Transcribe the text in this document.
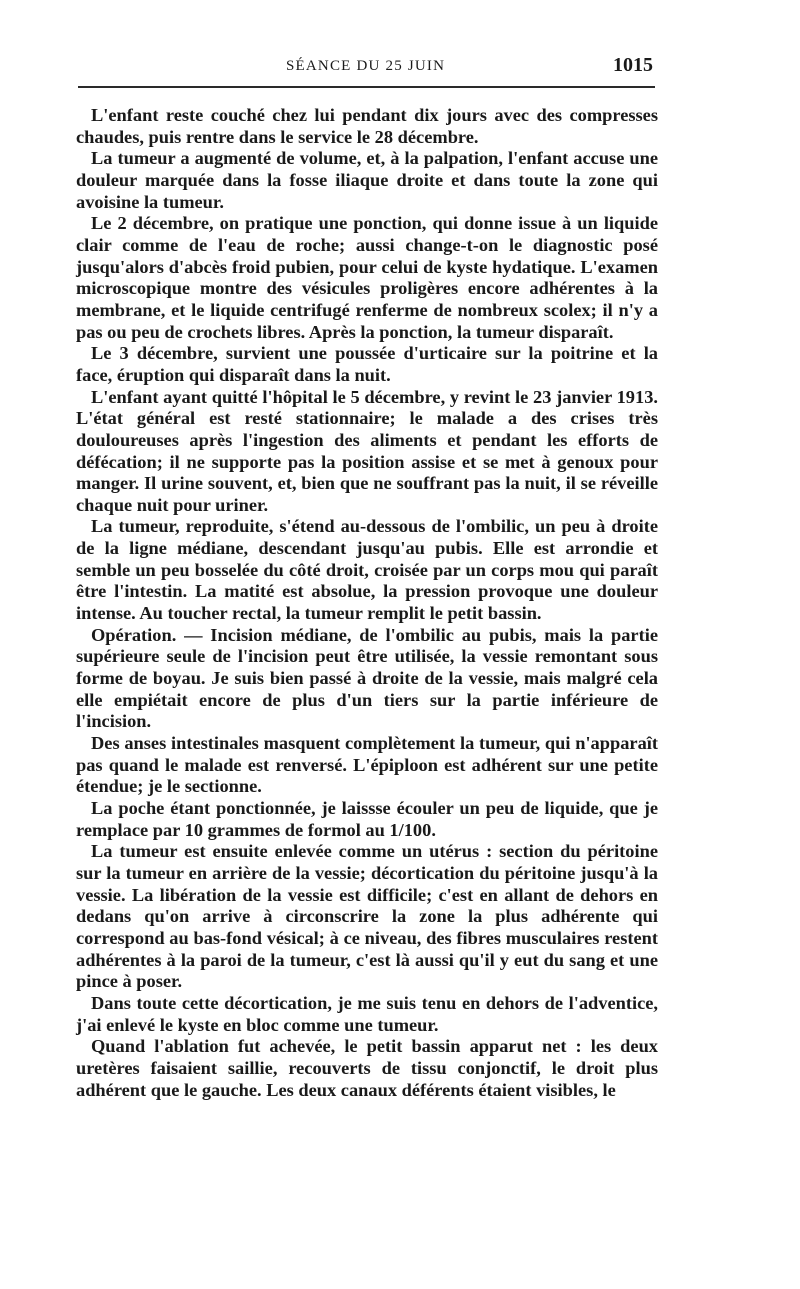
SÉANCE DU 25 JUIN	1015

L'enfant reste couché chez lui pendant dix jours avec des compresses chaudes, puis rentre dans le service le 28 décembre.

La tumeur a augmenté de volume, et, à la palpation, l'enfant accuse une douleur marquée dans la fosse iliaque droite et dans toute la zone qui avoisine la tumeur.

Le 2 décembre, on pratique une ponction, qui donne issue à un liquide clair comme de l'eau de roche; aussi change-t-on le diagnostic posé jusqu'alors d'abcès froid pubien, pour celui de kyste hydatique. L'examen microscopique montre des vésicules proligères encore adhérentes à la membrane, et le liquide centrifugé renferme de nombreux scolex; il n'y a pas ou peu de crochets libres. Après la ponction, la tumeur disparaît.

Le 3 décembre, survient une poussée d'urticaire sur la poitrine et la face, éruption qui disparaît dans la nuit.

L'enfant ayant quitté l'hôpital le 5 décembre, y revint le 23 janvier 1913. L'état général est resté stationnaire; le malade a des crises très douloureuses après l'ingestion des aliments et pendant les efforts de défécation; il ne supporte pas la position assise et se met à genoux pour manger. Il urine souvent, et, bien que ne souffrant pas la nuit, il se réveille chaque nuit pour uriner.

La tumeur, reproduite, s'étend au-dessous de l'ombilic, un peu à droite de la ligne médiane, descendant jusqu'au pubis. Elle est arrondie et semble un peu bosselée du côté droit, croisée par un corps mou qui paraît être l'intestin. La matité est absolue, la pression provoque une douleur intense. Au toucher rectal, la tumeur remplit le petit bassin.

Opération. — Incision médiane, de l'ombilic au pubis, mais la partie supérieure seule de l'incision peut être utilisée, la vessie remontant sous forme de boyau. Je suis bien passé à droite de la vessie, mais malgré cela elle empiétait encore de plus d'un tiers sur la partie inférieure de l'incision.

Des anses intestinales masquent complètement la tumeur, qui n'apparaît pas quand le malade est renversé. L'épiploon est adhérent sur une petite étendue; je le sectionne.

La poche étant ponctionnée, je laissse écouler un peu de liquide, que je remplace par 10 grammes de formol au 1/100.

La tumeur est ensuite enlevée comme un utérus : section du péritoine sur la tumeur en arrière de la vessie; décortication du péritoine jusqu'à la vessie. La libération de la vessie est difficile; c'est en allant de dehors en dedans qu'on arrive à circonscrire la zone la plus adhérente qui correspond au bas-fond vésical; à ce niveau, des fibres musculaires restent adhérentes à la paroi de la tumeur, c'est là aussi qu'il y eut du sang et une pince à poser.

Dans toute cette décortication, je me suis tenu en dehors de l'adventice, j'ai enlevé le kyste en bloc comme une tumeur.

Quand l'ablation fut achevée, le petit bassin apparut net : les deux uretères faisaient saillie, recouverts de tissu conjonctif, le droit plus adhérent que le gauche. Les deux canaux déférents étaient visibles, le
